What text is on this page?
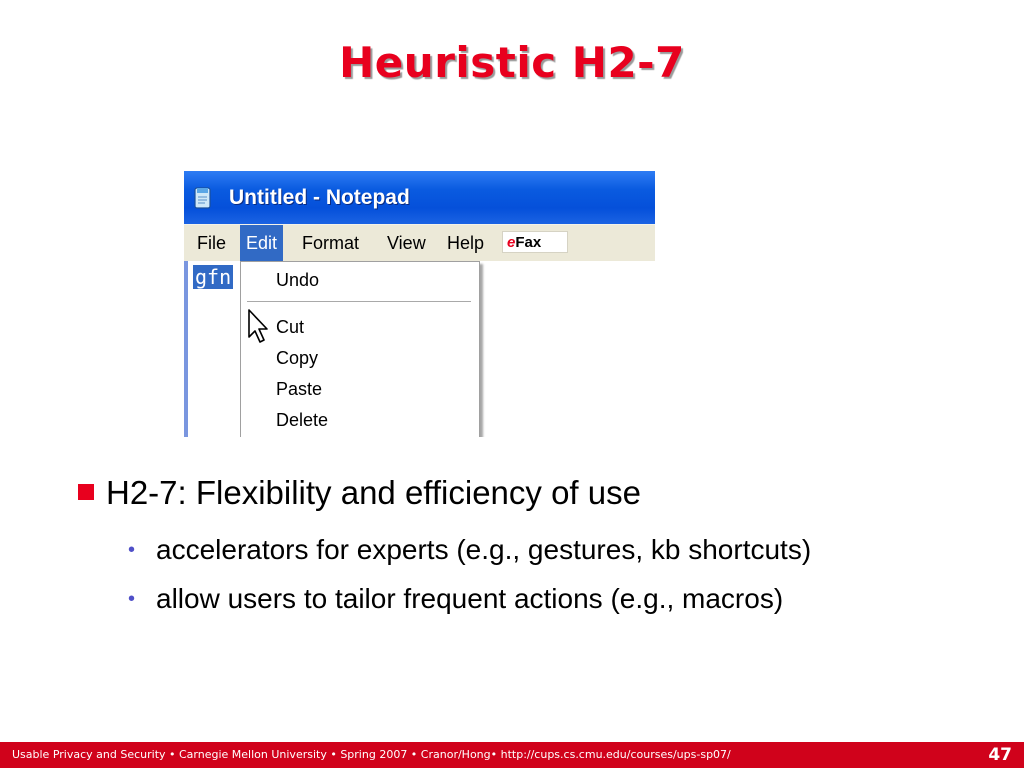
Heuristic H2-7
Untitled - Notepad
File	Edit	Format	View	Help	eFax
gfn Undo
Cut
Copy
Paste
Delete
H2-7: Flexibility and efficiency of use
• accelerators for experts (e.g., gestures, kb shortcuts)
• allow users to tailor frequent actions (e.g., macros)
Usable Privacy and Security • Carnegie Mellon University • Spring 2007 • Cranor/Hong• http://cups.cs.cmu.edu/courses/ups-sp07/	47
